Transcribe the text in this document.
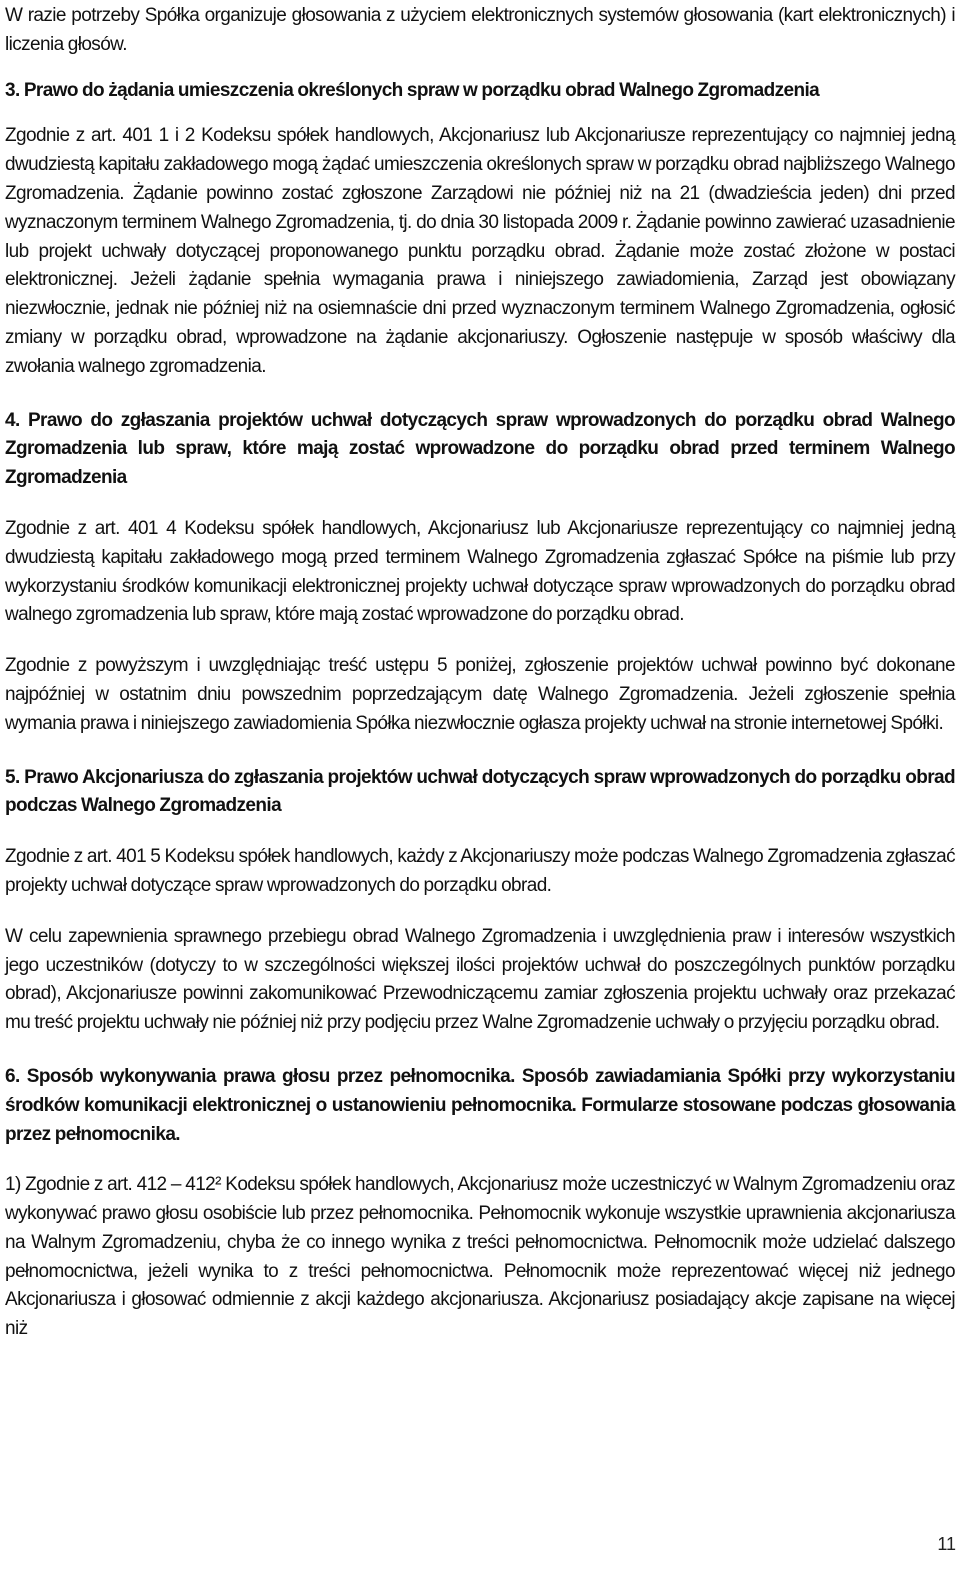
W razie potrzeby Spółka organizuje głosowania z użyciem elektronicznych systemów głosowania (kart elektronicznych) i liczenia głosów.

3. Prawo do żądania umieszczenia określonych spraw w porządku obrad Walnego Zgromadzenia

Zgodnie z art. 401 1 i 2 Kodeksu spółek handlowych, Akcjonariusz lub Akcjonariusze reprezentujący co najmniej jedną dwudziestą kapitału zakładowego mogą żądać umieszczenia określonych spraw w porządku obrad najbliższego Walnego Zgromadzenia. Żądanie powinno zostać zgłoszone Zarządowi nie później niż na 21 (dwadzieścia jeden) dni przed wyznaczonym terminem Walnego Zgromadzenia, tj. do dnia 30 listopada 2009 r. Żądanie powinno zawierać uzasadnienie lub projekt uchwały dotyczącej proponowanego punktu porządku obrad. Żądanie może zostać złożone w postaci elektronicznej. Jeżeli żądanie spełnia wymagania prawa i niniejszego zawiadomienia, Zarząd jest obowiązany niezwłocznie, jednak nie później niż na osiemnaście dni przed wyznaczonym terminem Walnego Zgromadzenia, ogłosić zmiany w porządku obrad, wprowadzone na żądanie akcjonariuszy. Ogłoszenie następuje w sposób właściwy dla zwołania walnego zgromadzenia.

4. Prawo do zgłaszania projektów uchwał dotyczących spraw wprowadzonych do porządku obrad Walnego Zgromadzenia lub spraw, które mają zostać wprowadzone do porządku obrad przed terminem Walnego Zgromadzenia

Zgodnie z art. 401 4 Kodeksu spółek handlowych, Akcjonariusz lub Akcjonariusze reprezentujący co najmniej jedną dwudziestą kapitału zakładowego mogą przed terminem Walnego Zgromadzenia zgłaszać Spółce na piśmie lub przy wykorzystaniu środków komunikacji elektronicznej projekty uchwał dotyczące spraw wprowadzonych do porządku obrad walnego zgromadzenia lub spraw, które mają zostać wprowadzone do porządku obrad.

Zgodnie z powyższym i uwzględniając treść ustępu 5 poniżej, zgłoszenie projektów uchwał powinno być dokonane najpóźniej w ostatnim dniu powszednim poprzedzającym datę Walnego Zgromadzenia. Jeżeli zgłoszenie spełnia wymania prawa i niniejszego zawiadomienia Spółka niezwłocznie ogłasza projekty uchwał na stronie internetowej Spółki.

5. Prawo Akcjonariusza do zgłaszania projektów uchwał dotyczących spraw wprowadzonych do porządku obrad podczas Walnego Zgromadzenia

Zgodnie z art. 401 5 Kodeksu spółek handlowych, każdy z Akcjonariuszy może podczas Walnego Zgromadzenia zgłaszać projekty uchwał dotyczące spraw wprowadzonych do porządku obrad.

W celu zapewnienia sprawnego przebiegu obrad Walnego Zgromadzenia i uwzględnienia praw i interesów wszystkich jego uczestników (dotyczy to w szczególności większej ilości projektów uchwał do poszczególnych punktów porządku obrad), Akcjonariusze powinni zakomunikować Przewodniczącemu zamiar zgłoszenia projektu uchwały oraz przekazać mu treść projektu uchwały nie później niż przy podjęciu przez Walne Zgromadzenie uchwały o przyjęciu porządku obrad.

6. Sposób wykonywania prawa głosu przez pełnomocnika. Sposób zawiadamiania Spółki przy wykorzystaniu środków komunikacji elektronicznej o ustanowieniu pełnomocnika. Formularze stosowane podczas głosowania przez pełnomocnika.

1) Zgodnie z art. 412 – 412² Kodeksu spółek handlowych, Akcjonariusz może uczestniczyć w Walnym Zgromadzeniu oraz wykonywać prawo głosu osobiście lub przez pełnomocnika. Pełnomocnik wykonuje wszystkie uprawnienia akcjonariusza na Walnym Zgromadzeniu, chyba że co innego wynika z treści pełnomocnictwa. Pełnomocnik może udzielać dalszego pełnomocnictwa, jeżeli wynika to z treści pełnomocnictwa. Pełnomocnik może reprezentować więcej niż jednego Akcjonariusza i głosować odmiennie z akcji każdego akcjonariusza. Akcjonariusz posiadający akcje zapisane na więcej niż

11
